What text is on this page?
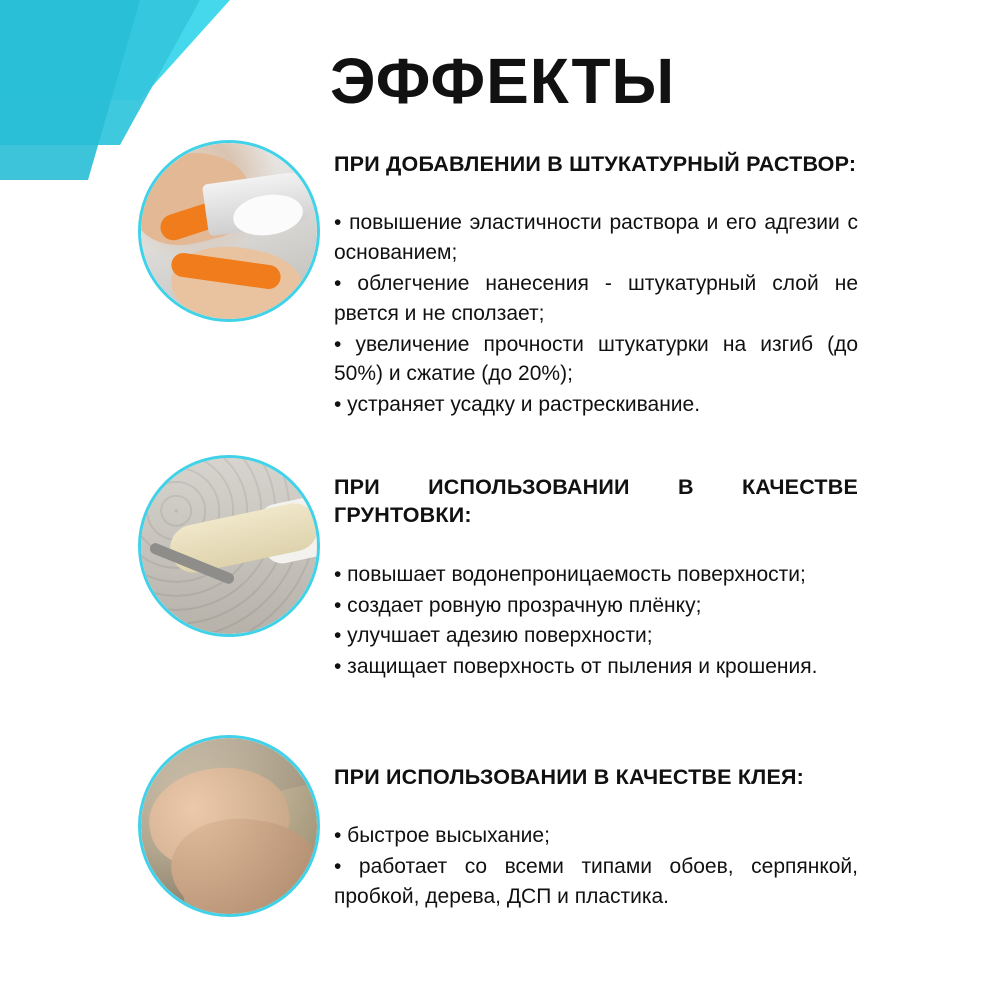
ЭФФЕКТЫ
ПРИ ДОБАВЛЕНИИ В ШТУКАТУРНЫЙ РАСТВОР:
• повышение эластичности раствора и его адгезии с основанием;
• облегчение нанесения - штукатурный слой не рвется и не сползает;
• увеличение прочности штукатурки на изгиб (до 50%) и сжатие (до 20%);
• устраняет усадку и растрескивание.
ПРИ ИСПОЛЬЗОВАНИИ В КАЧЕСТВЕ ГРУНТОВКИ:
• повышает водонепроницаемость поверхности;
• создает ровную прозрачную плёнку;
• улучшает адезию поверхности;
• защищает поверхность от пыления и крошения.
ПРИ ИСПОЛЬЗОВАНИИ В КАЧЕСТВЕ КЛЕЯ:
• быстрое высыхание;
• работает со всеми типами обоев, серпянкой, пробкой, дерева, ДСП и пластика.
